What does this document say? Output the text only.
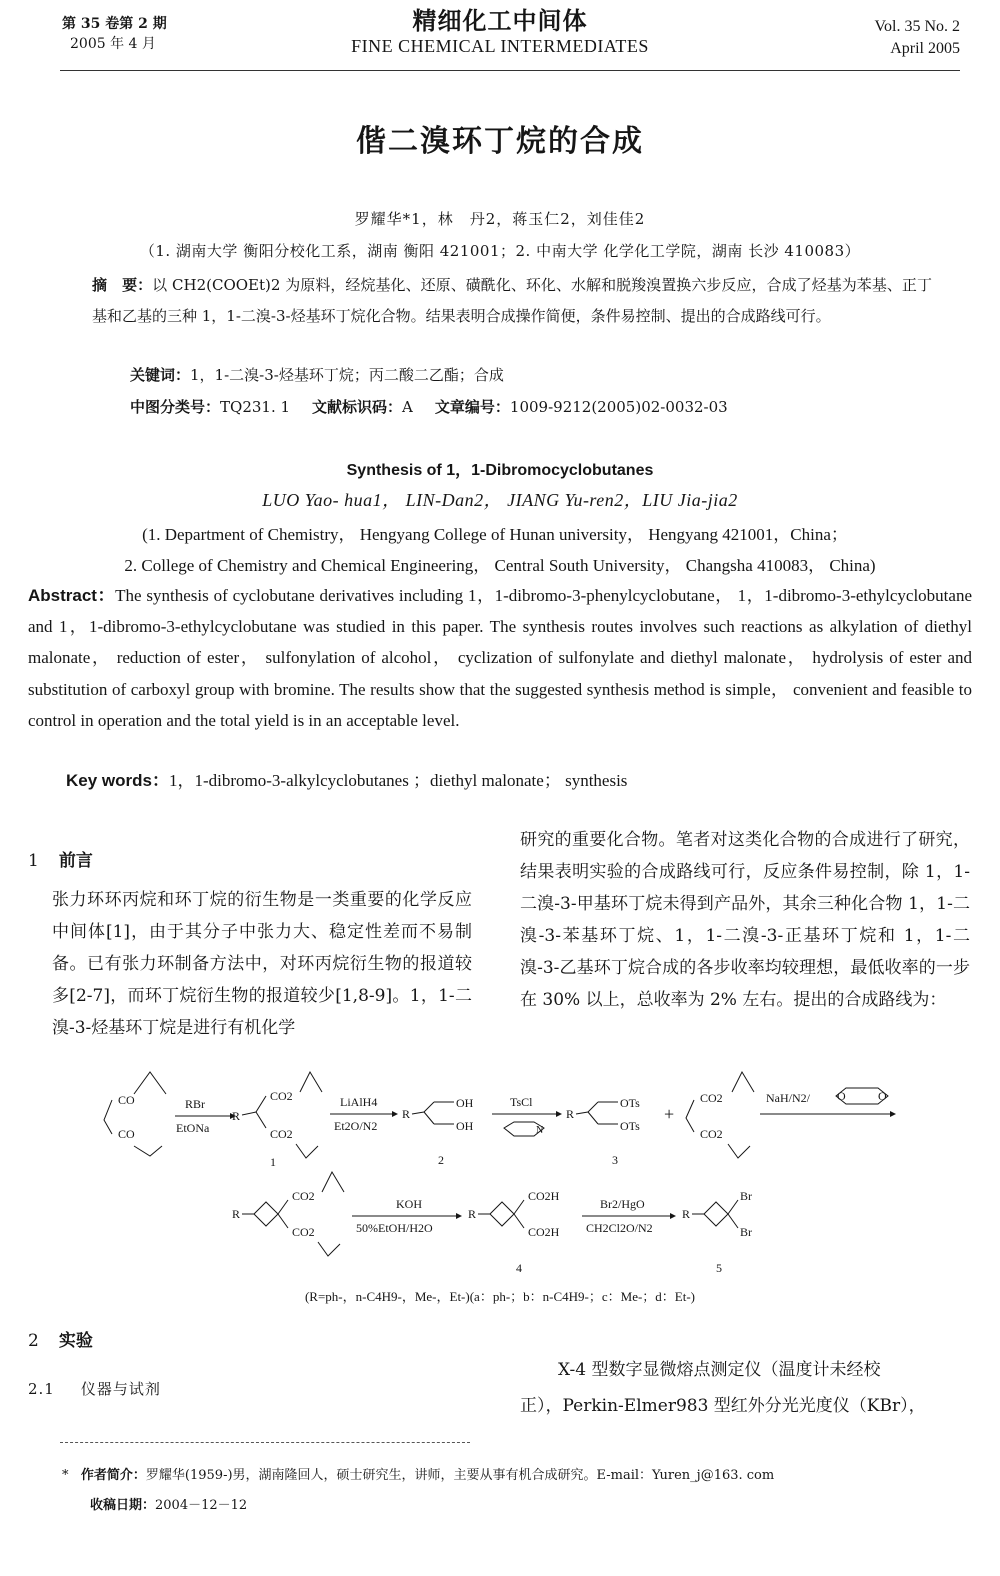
第 35 卷第 2 期
2005 年 4 月
精细化工中间体
FINE CHEMICAL INTERMEDIATES
Vol. 35 No. 2
April 2005
偕二溴环丁烷的合成
罗耀华*1，林　丹2，蒋玉仁2，刘佳佳2
（1. 湖南大学 衡阳分校化工系，湖南 衡阳 421001；2. 中南大学 化学化工学院，湖南 长沙 410083）
摘　要：以 CH2(COOEt)2 为原料，经烷基化、还原、磺酰化、环化、水解和脱羧溴置换六步反应，合成了烃基为苯基、正丁基和乙基的三种 1，1-二溴-3-烃基环丁烷化合物。结果表明合成操作简便，条件易控制、提出的合成路线可行。
关键词：1，1-二溴-3-烃基环丁烷；丙二酸二乙酯；合成
中图分类号：TQ231. 1 文献标识码：A 文章编号：1009-9212(2005)02-0032-03
Synthesis of 1，1-Dibromocyclobutanes
LUO Yao- hua1， LIN-Dan2， JIANG Yu-ren2，LIU Jia-jia2
(1. Department of Chemistry， Hengyang College of Hunan university， Hengyang 421001，China；
2. College of Chemistry and Chemical Engineering， Central South University， Changsha 410083， China)
Abstract：The synthesis of cyclobutane derivatives including 1，1-dibromo-3-phenylcyclobutane， 1，1-dibromo-3-ethylcyclobutane and 1，1-dibromo-3-ethylcyclobutane was studied in this paper. The synthesis routes involves such reactions as alkylation of diethyl malonate， reduction of ester， sulfonylation of alcohol， cyclization of sulfonylate and diethyl malonate， hydrolysis of ester and substitution of carboxyl group with bromine. The results show that the suggested synthesis method is simple， convenient and feasible to control in operation and the total yield is in an acceptable level.
Key words：1，1-dibromo-3-alkylcyclobutanes ；diethyl malonate； synthesis
1 前言

张力环环丙烷和环丁烷的衍生物是一类重要的化学反应中间体[1]，由于其分子中张力大、稳定性差而不易制备。已有张力环制备方法中，对环丙烷衍生物的报道较多[2-7]，而环丁烷衍生物的报道较少[1,8-9]。1，1-二溴-3-烃基环丁烷是进行有机化学

研究的重要化合物。笔者对这类化合物的合成进行了研究，结果表明实验的合成路线可行，反应条件易控制，除 1，1-二溴-3-甲基环丁烷未得到产品外，其余三种化合物 1，1-二溴-3-苯基环丁烷、1，1-二溴-3-正基环丁烷和 1，1-二溴-3-乙基环丁烷合成的各步收率均较理想，最低收率的一步在 30% 以上，总收率为 2% 左右。提出的合成路线为：
CO
CO
RBr
EtONa
R
CO2
CO2
1
LiAlH4
Et2O/N2
R
OH
OH
2
TsCl
N
R
OTs
OTs
3
+
CO2
CO2
NaH/N2/ O	O
R
CO2
CO2
KOH
50%EtOH/H2O
R
CO2H
CO2H
4
Br2/HgO
CH2Cl2O/N2
R
Br
Br
5
(R=ph-，n-C4H9-，Me-，Et-)(a：ph-；b：n-C4H9-；c：Me-；d：Et-)
2 实验
2.1 仪器与试剂
X-4 型数字显微熔点测定仪（温度计未经校
正），Perkin-Elmer983 型红外分光光度仪（KBr），
* 作者简介：罗耀华(1959-)男，湖南隆回人，硕士研究生，讲师，主要从事有机合成研究。E-mail：Yuren_j@163. com
收稿日期：2004－12－12
